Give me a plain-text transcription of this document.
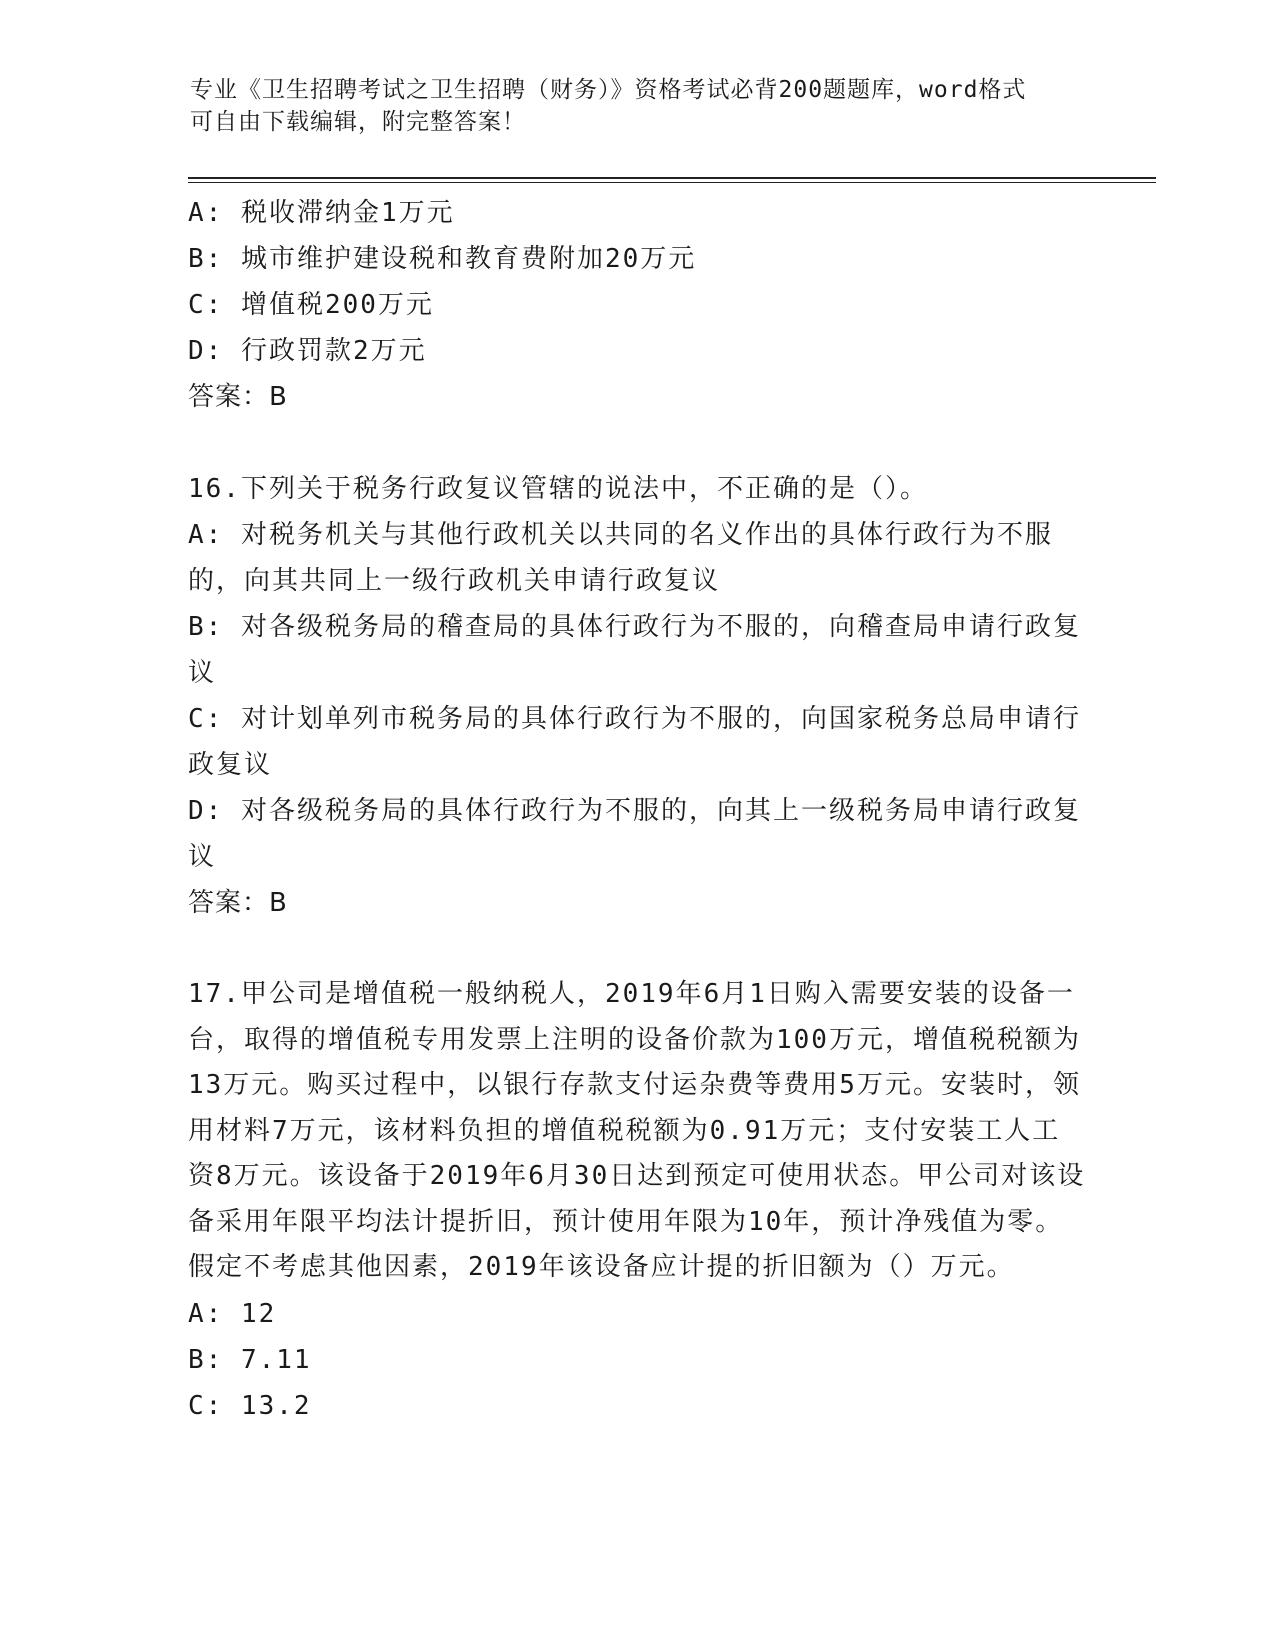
专业《卫生招聘考试之卫生招聘（财务）》资格考试必背200题题库，word格式
可自由下载编辑，附完整答案！
A: 税收滞纳金1万元
B: 城市维护建设税和教育费附加20万元
C: 增值税200万元
D: 行政罚款2万元
答案：B
16.下列关于税务行政复议管辖的说法中，不正确的是（）。
A: 对税务机关与其他行政机关以共同的名义作出的具体行政行为不服的，向其共同上一级行政机关申请行政复议
B: 对各级税务局的稽查局的具体行政行为不服的，向稽查局申请行政复议
C: 对计划单列市税务局的具体行政行为不服的，向国家税务总局申请行政复议
D: 对各级税务局的具体行政行为不服的，向其上一级税务局申请行政复议
答案：B
17.甲公司是增值税一般纳税人，2019年6月1日购入需要安装的设备一台，取得的增值税专用发票上注明的设备价款为100万元，增值税税额为13万元。购买过程中，以银行存款支付运杂费等费用5万元。安装时，领用材料7万元，该材料负担的增值税税额为0.91万元；支付安装工人工资8万元。该设备于2019年6月30日达到预定可使用状态。甲公司对该设备采用年限平均法计提折旧，预计使用年限为10年，预计净残值为零。假定不考虑其他因素，2019年该设备应计提的折旧额为（）万元。
A: 12
B: 7.11
C: 13.2
